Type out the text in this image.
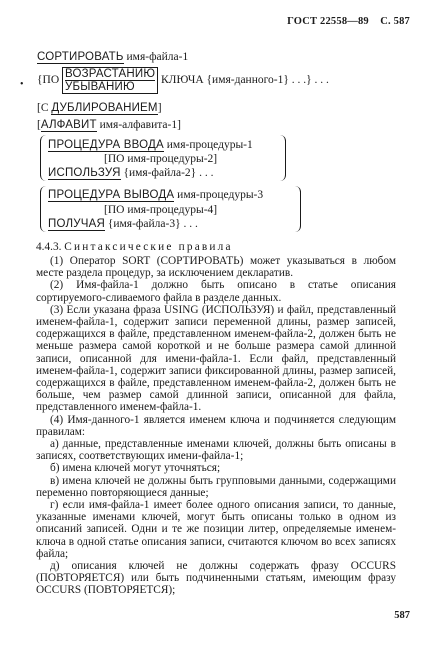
ГОСТ 22558—89 С. 587
•
СОРТИРОВАТЬ имя-файла-1
{ПО
ВОЗРАСТАНИЮ
УБЫВАНИЮ
КЛЮЧА {имя-данного-1} . . .} . . .
[С ДУБЛИРОВАНИЕМ]
[АЛФАВИТ имя-алфавита-1]
ПРОЦЕДУРА ВВОДА имя-процедуры-1
[ПО имя-процедуры-2]
ИСПОЛЬЗУЯ {имя-файла-2} . . .
ПРОЦЕДУРА ВЫВОДА имя-процедуры-3
[ПО имя-процедуры-4]
ПОЛУЧАЯ {имя-файла-3} . . .
4.4.3. Синтаксические правила

(1) Оператор SORT (СОРТИРОВАТЬ) может указываться в любом месте раздела процедур, за исключением декларатив.

(2) Имя-файла-1 должно быть описано в статье описания сортируемого-сливаемого файла в разделе данных.

(3) Если указана фраза USING (ИСПОЛЬЗУЯ) и файл, представленный именем-файла-1, содержит записи переменной длины, размер записей, содержащихся в файле, представленном именем-файла-2, должен быть не меньше размера самой короткой и не больше размера самой длинной записи, описанной для имени-файла-1. Если файл, представленный именем-файла-1, содержит записи фиксированной длины, размер записей, содержащихся в файле, представленном именем-файла-2, должен быть не больше, чем размер самой длинной записи, описанной для файла, представленного именем-файла-1.

(4) Имя-данного-1 является именем ключа и подчиняется следующим правилам:

а) данные, представленные именами ключей, должны быть описаны в записях, соответствующих имени-файла-1;

б) имена ключей могут уточняться;

в) имена ключей не должны быть групповыми данными, содержащими переменно повторяющиеся данные;

г) если имя-файла-1 имеет более одного описания записи, то данные, указанные именами ключей, могут быть описаны только в одном из описаний записей. Одни и те же позиции литер, определяемые именем-ключа в одной статье описания записи, считаются ключом во всех записях файла;

д) описания ключей не должны содержать фразу OCCURS (ПОВТОРЯЕТСЯ) или быть подчиненными статьям, имеющим фразу OCCURS (ПОВТОРЯЕТСЯ);

587
